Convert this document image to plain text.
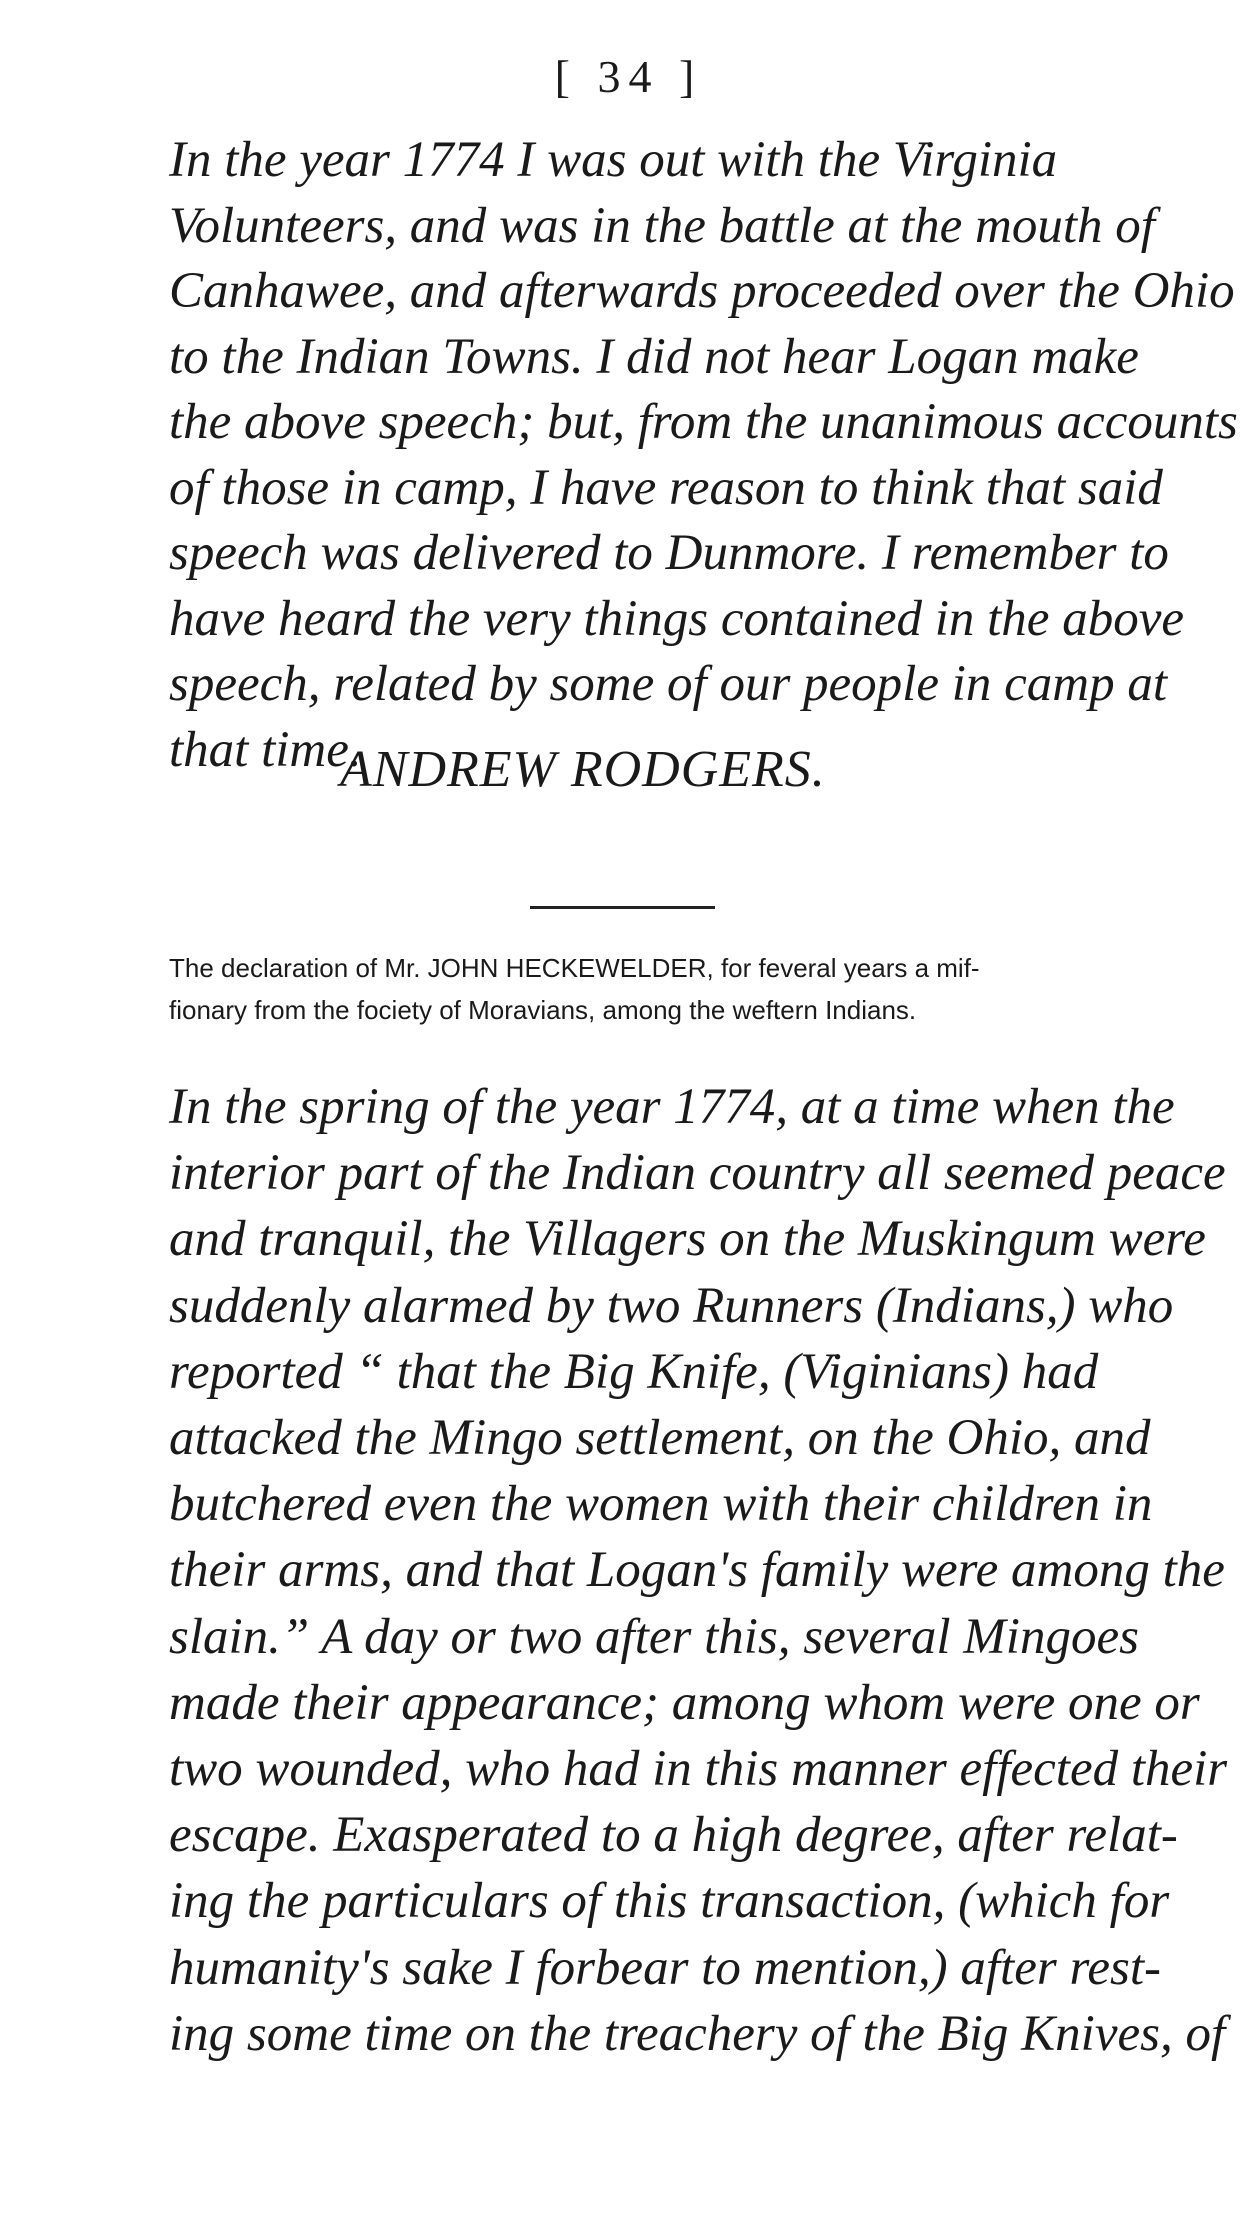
[ 34 ]
In the year 1774 I was out with the Virginia
Volunteers, and was in the battle at the mouth of
Canhawee, and afterwards proceeded over the Ohio
to the Indian Towns. I did not hear Logan make
the above speech; but, from the unanimous accounts
of those in camp, I have reason to think that said
speech was delivered to Dunmore. I remember to
have heard the very things contained in the above
speech, related by some of our people in camp at
that time.
ANDREW RODGERS.
The declaration of Mr. JOHN HECKEWELDER, for feveral years a mif-
fionary from the fociety of Moravians, among the weftern Indians.
In the spring of the year 1774, at a time when the
interior part of the Indian country all seemed peace
and tranquil, the Villagers on the Muskingum were
suddenly alarmed by two Runners (Indians,) who
reported “ that the Big Knife, (Viginians) had
attacked the Mingo settlement, on the Ohio, and
butchered even the women with their children in
their arms, and that Logan's family were among the
slain.” A day or two after this, several Mingoes
made their appearance; among whom were one or
two wounded, who had in this manner effected their
escape. Exasperated to a high degree, after relat-
ing the particulars of this transaction, (which for
humanity's sake I forbear to mention,) after rest-
ing some time on the treachery of the Big Knives, of
